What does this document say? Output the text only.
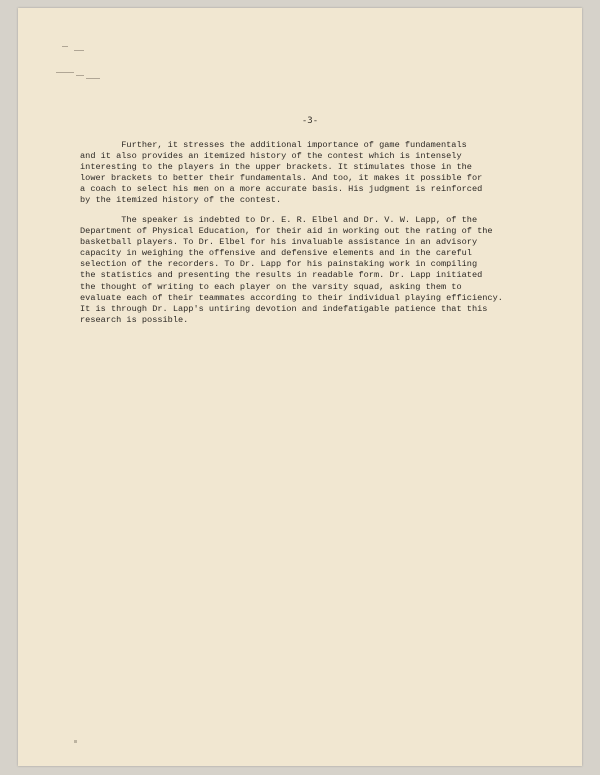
-3-

Further, it stresses the additional importance of game fundamentals
and it also provides an itemized history of the contest which is intensely
interesting to the players in the upper brackets. It stimulates those in the
lower brackets to better their fundamentals. And too, it makes it possible for
a coach to select his men on a more accurate basis. His judgment is reinforced
by the itemized history of the contest.

The speaker is indebted to Dr. E. R. Elbel and Dr. V. W. Lapp, of the
Department of Physical Education, for their aid in working out the rating of the
basketball players. To Dr. Elbel for his invaluable assistance in an advisory
capacity in weighing the offensive and defensive elements and in the careful
selection of the recorders. To Dr. Lapp for his painstaking work in compiling
the statistics and presenting the results in readable form. Dr. Lapp initiated
the thought of writing to each player on the varsity squad, asking them to
evaluate each of their teammates according to their individual playing efficiency.
It is through Dr. Lapp's untiring devotion and indefatigable patience that this
research is possible.
